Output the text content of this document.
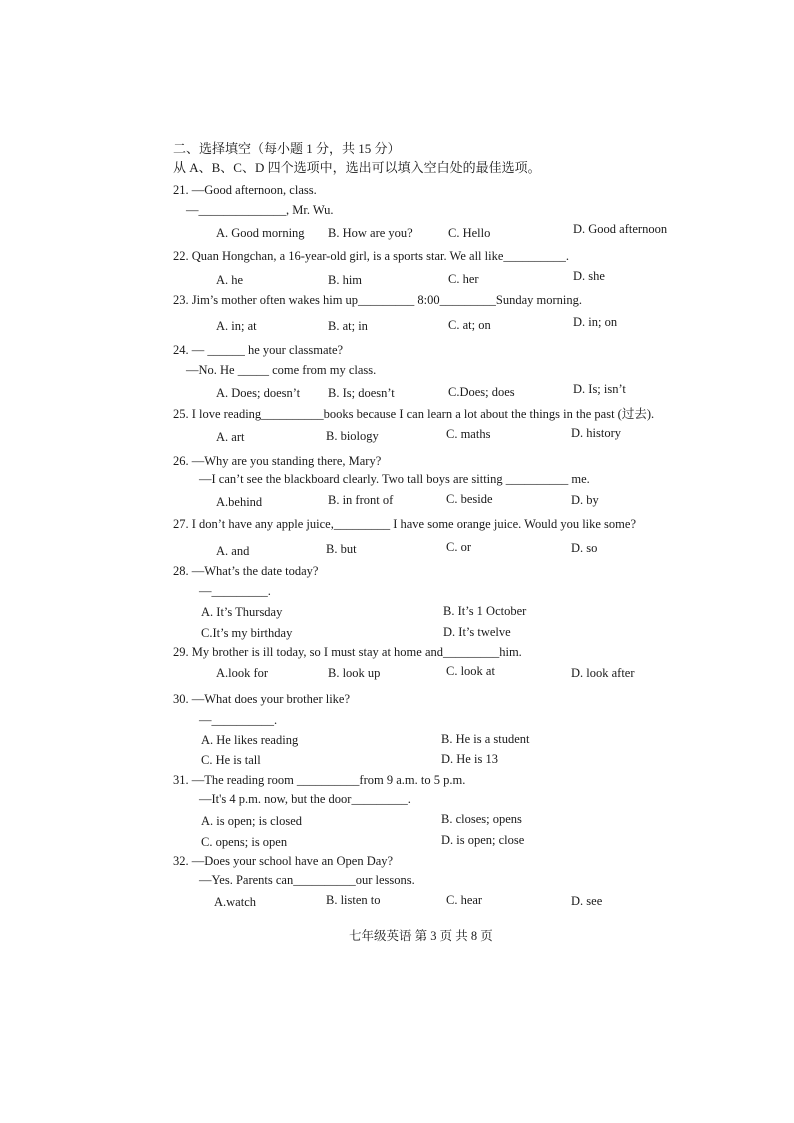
二、选择填空（每小题 1 分，共 15 分）
从 A、B、C、D 四个选项中，选出可以填入空白处的最佳选项。
21. —Good afternoon, class.
—______________, Mr. Wu.
A. Good morning B. How are you?	C. Hello	D. Good afternoon
22. Quan Hongchan, a 16-year-old girl, is a sports star. We all like__________.
A. he	B. him	C. her	D. she
23. Jim’s mother often wakes him up_________ 8:00_________Sunday morning.
A. in; at	B. at; in	C. at; on	D. in; on
24. — ______ he your classmate?
—No. He _____ come from my class.
A. Does; doesn’t B. Is; doesn’t	C.Does; does	D. Is; isn’t
25. I love reading__________books because I can learn a lot about the things in the past (过去).
A. art	B. biology	C. maths	D. history
26. —Why are you standing there, Mary?
—I can’t see the blackboard clearly. Two tall boys are sitting __________ me.
A.behind	B. in front of	C. beside	D. by
27. I don’t have any apple juice,_________ I have some orange juice. Would you like some?
A. and	B. but	C. or	D. so
28. —What’s the date today?
—_________.
A. It’s Thursday	B. It’s 1 October
C.It’s my birthday	D. It’s twelve
29. My brother is ill today, so I must stay at home and_________him.
A.look for	B. look up	C. look at	D. look after
30. —What does your brother like?
—__________.
A. He likes reading	B. He is a student
C. He is tall	D. He is 13
31. —The reading room __________from 9 a.m. to 5 p.m.
—It's 4 p.m. now, but the door_________.
A. is open; is closed	B. closes; opens
C. opens; is open	D. is open; close
32. —Does your school have an Open Day?
—Yes. Parents can__________our lessons.
A.watch	B. listen to	C. hear	D. see
七年级英语 第 3 页 共 8 页
